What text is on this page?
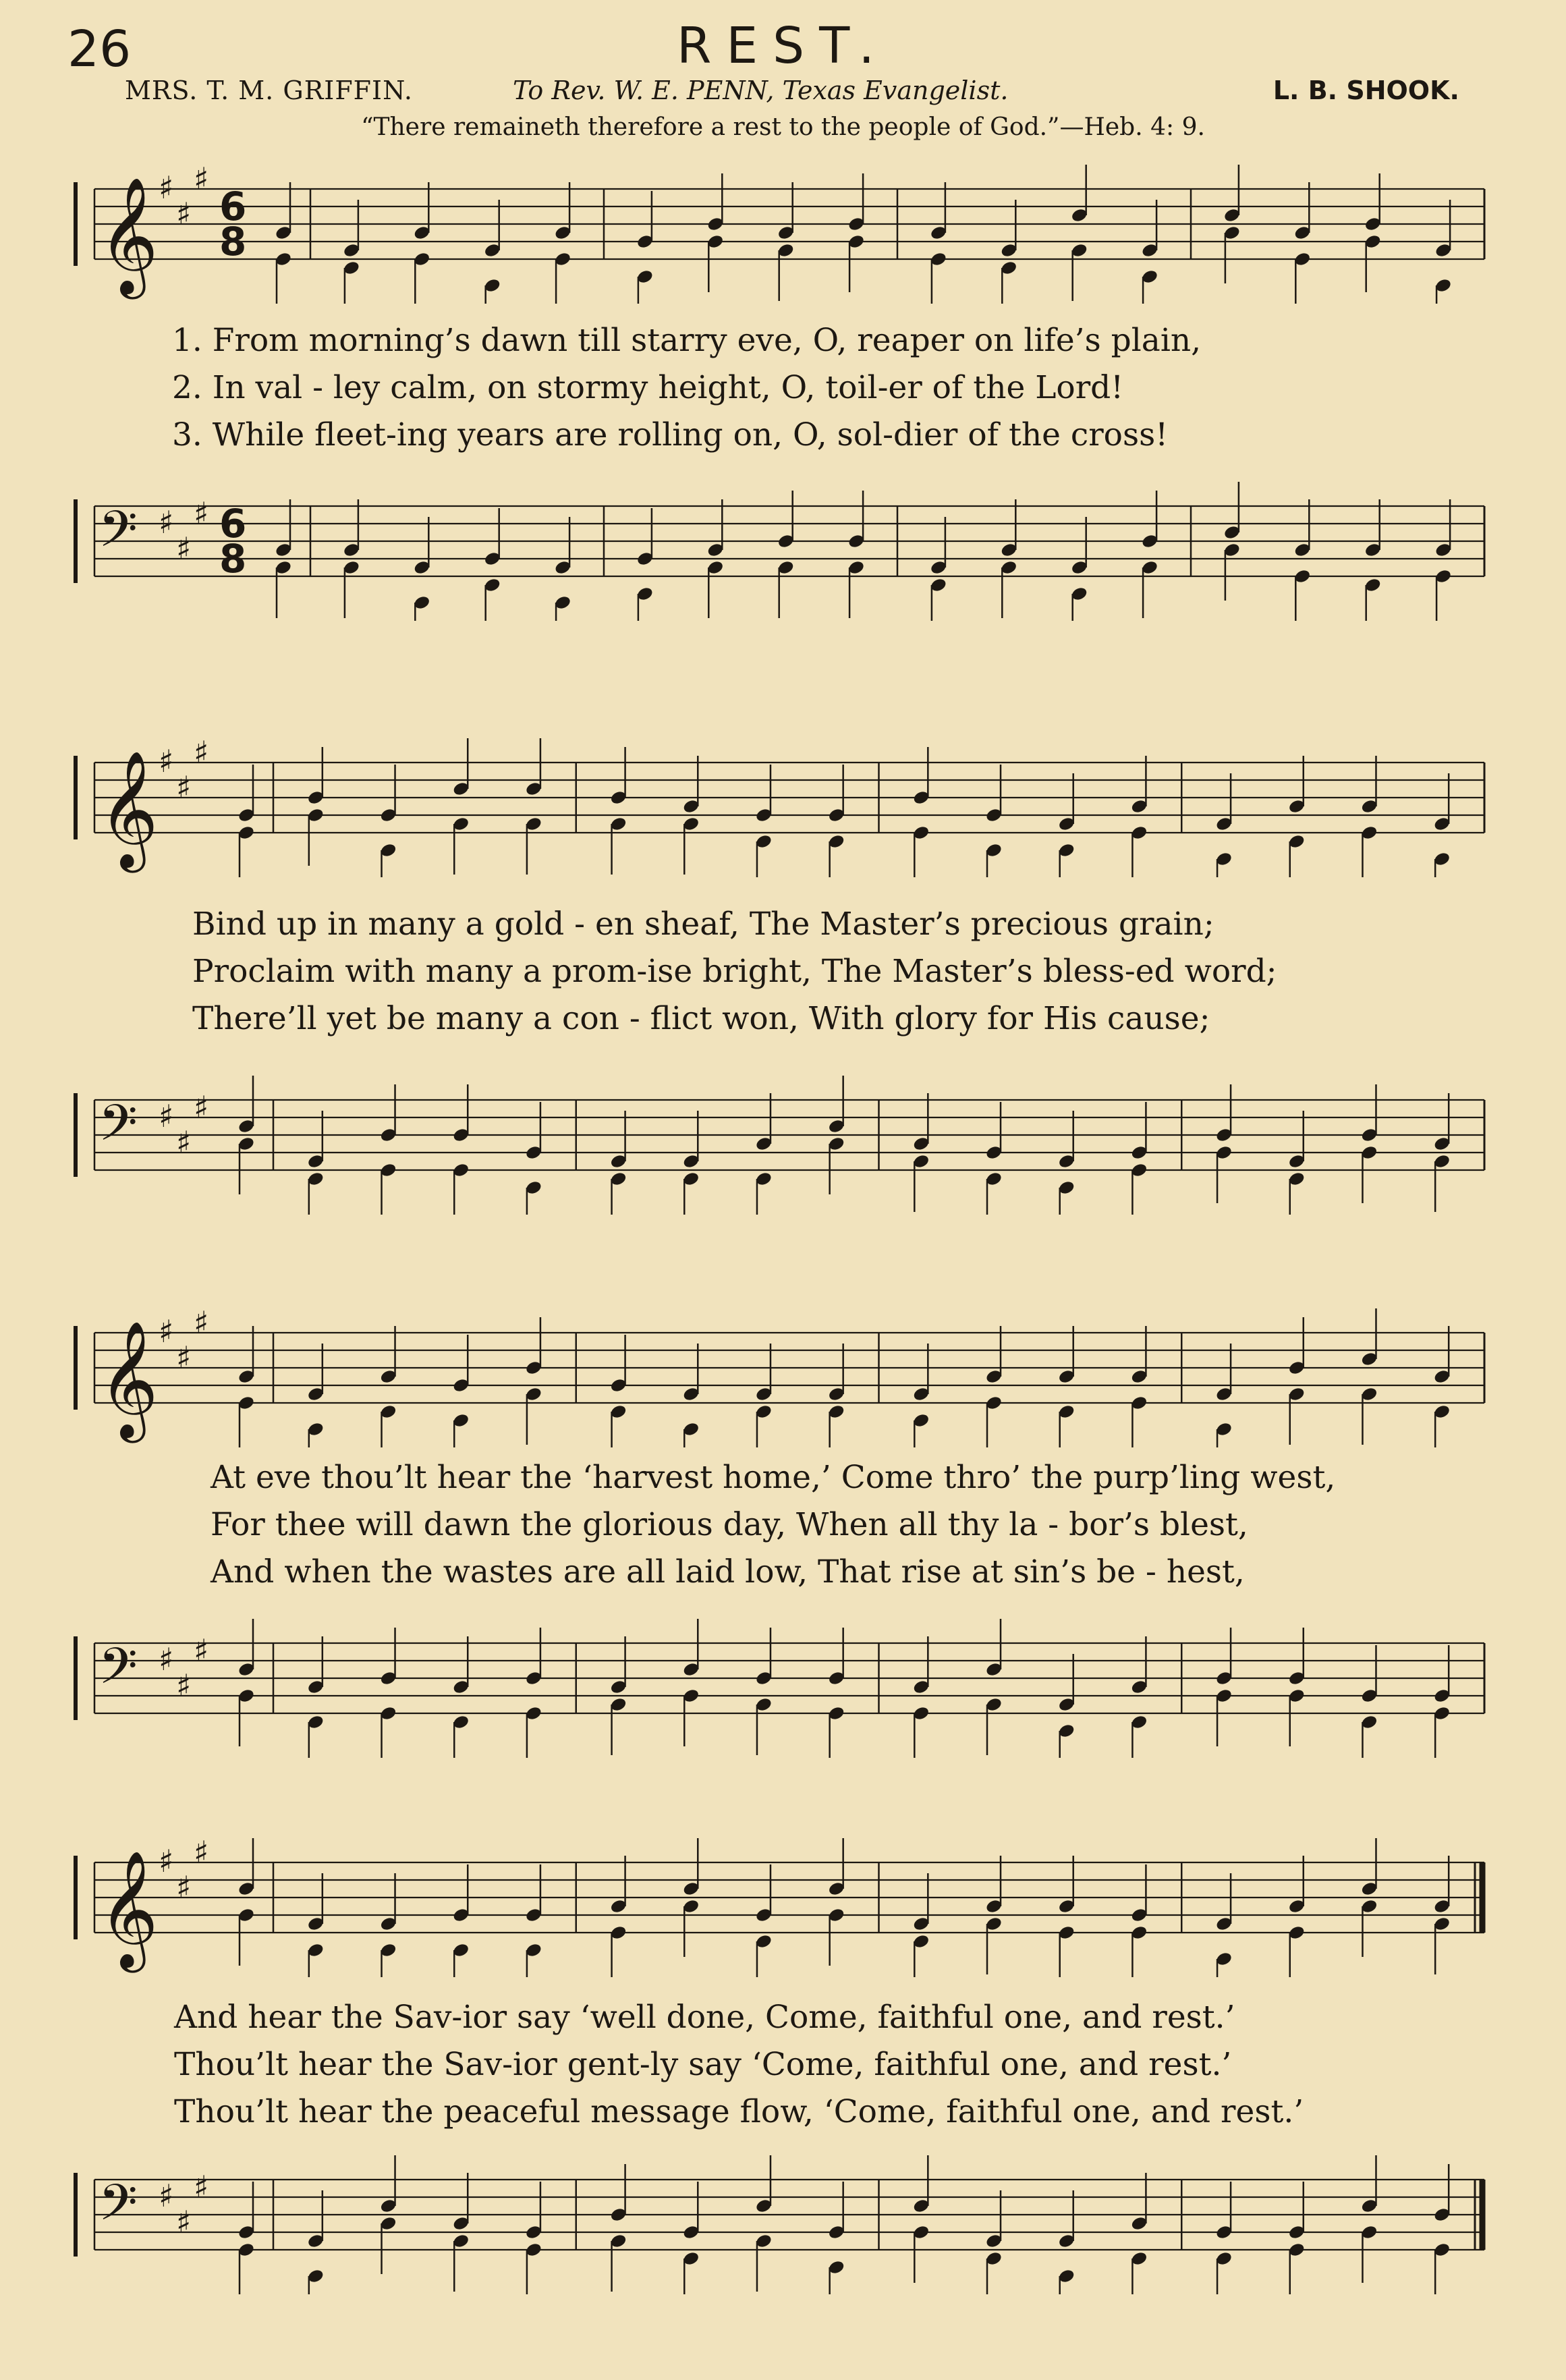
26	REST.
MRS. T. M. GRIFFIN.	To Rev. W. E. PENN, Texas Evangelist.	L. B. SHOOK.
“There remaineth therefore a rest to the people of God.”—Heb. 4: 9.
𝄞 ♯
♯
♯
6
8
1. From morning’s dawn till starry eve, O, reaper on life’s plain,
2. In val - ley calm, on stormy height, O, toil-er of the Lord!
3. While fleet-ing years are rolling on, O, sol-dier of the cross!
𝄢 ♯
♯
♯ 6
8
𝄞 ♯
♯
♯
Bind up in many a gold - en sheaf, The Master’s precious grain;
Proclaim with many a prom-ise bright, The Master’s bless-ed word;
There’ll yet be many a con - flict won, With glory for His cause;
𝄢 ♯
♯
♯
𝄞 ♯
♯
♯
At eve thou’lt hear the ‘harvest home,’ Come thro’ the purp’ling west,
For thee will dawn the glorious day, When all thy la - bor’s blest,
And when the wastes are all laid low, That rise at sin’s be - hest,
𝄢 ♯
♯
♯
𝄞 ♯
♯
♯
And hear the Sav-ior say ‘well done, Come, faithful one, and rest.’
Thou’lt hear the Sav-ior gent-ly say ‘Come, faithful one, and rest.’
Thou’lt hear the peaceful message flow, ‘Come, faithful one, and rest.’
𝄢 ♯
♯
♯
